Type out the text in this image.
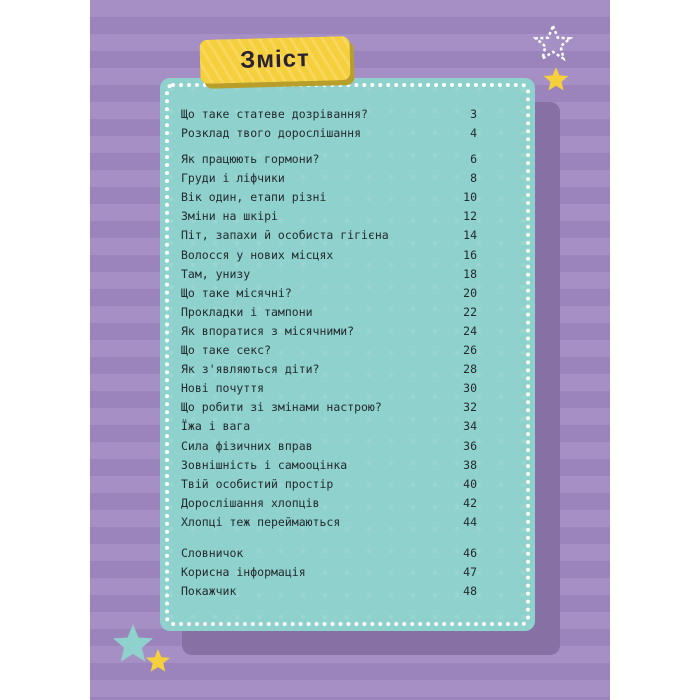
Зміст
Що таке статеве дозрівання?	3
Розклад твого дорослішання	4
Як працюють гормони?	6
Груди і ліфчики	8
Вік один, етапи різні	10
Зміни на шкірі	12
Піт, запахи й особиста гігієна	14
Волосся у нових місцях	16
Там, унизу	18
Що таке місячні?	20
Прокладки і тампони	22
Як впоратися з місячними?	24
Що таке секс?	26
Як з'являються діти?	28
Нові почуття	30
Що робити зі змінами настрою?	32
Їжа і вага	34
Сила фізичних вправ	36
Зовнішність і самооцінка	38
Твій особистий простір	40
Дорослішання хлопців	42
Хлопці теж переймаються	44
Словничок	46
Корисна інформація	47
Покажчик	48
